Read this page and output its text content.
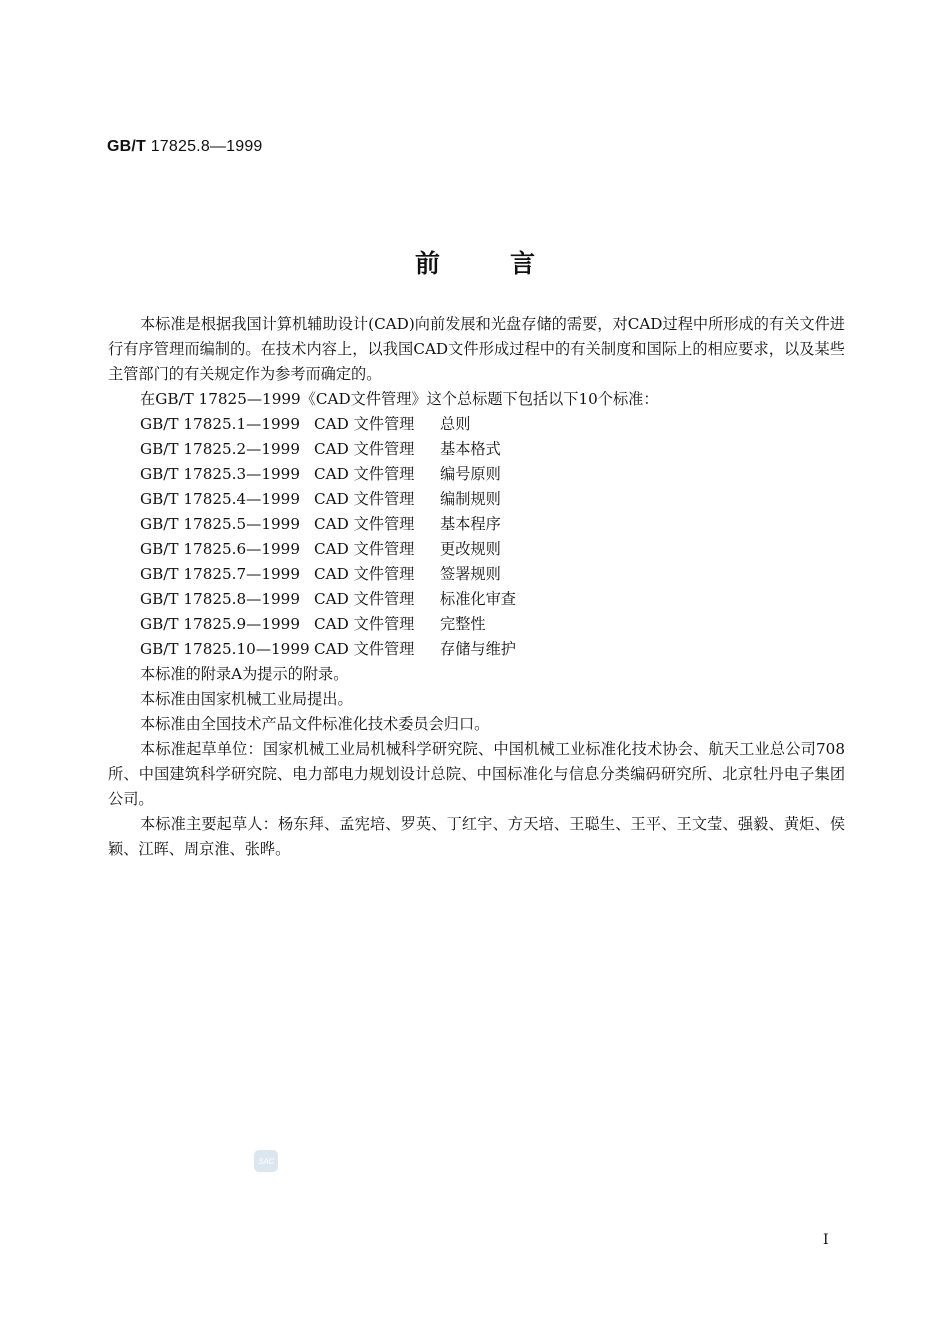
GB/T 17825.8—1999
前言

本标准是根据我国计算机辅助设计(CAD)向前发展和光盘存储的需要，对CAD过程中所形成的有关文件进行有序管理而编制的。在技术内容上，以我国CAD文件形成过程中的有关制度和国际上的相应要求，以及某些主管部门的有关规定作为参考而确定的。

在GB/T 17825—1999《CAD文件管理》这个总标题下包括以下10个标准：

GB/T 17825.1—1999 CAD 文件管理 总则
GB/T 17825.2—1999 CAD 文件管理 基本格式
GB/T 17825.3—1999 CAD 文件管理 编号原则
GB/T 17825.4—1999 CAD 文件管理 编制规则
GB/T 17825.5—1999 CAD 文件管理 基本程序
GB/T 17825.6—1999 CAD 文件管理 更改规则
GB/T 17825.7—1999 CAD 文件管理 签署规则
GB/T 17825.8—1999 CAD 文件管理 标准化审查
GB/T 17825.9—1999 CAD 文件管理 完整性
GB/T 17825.10—1999 CAD 文件管理 存储与维护

本标准的附录A为提示的附录。

本标准由国家机械工业局提出。

本标准由全国技术产品文件标准化技术委员会归口。

本标准起草单位：国家机械工业局机械科学研究院、中国机械工业标准化技术协会、航天工业总公司708所、中国建筑科学研究院、电力部电力规划设计总院、中国标准化与信息分类编码研究所、北京牡丹电子集团公司。

本标准主要起草人：杨东拜、孟宪培、罗英、丁红宇、方天培、王聪生、王平、王文莹、强毅、黄炬、侯颖、江晖、周京淮、张晔。

SAC
I
